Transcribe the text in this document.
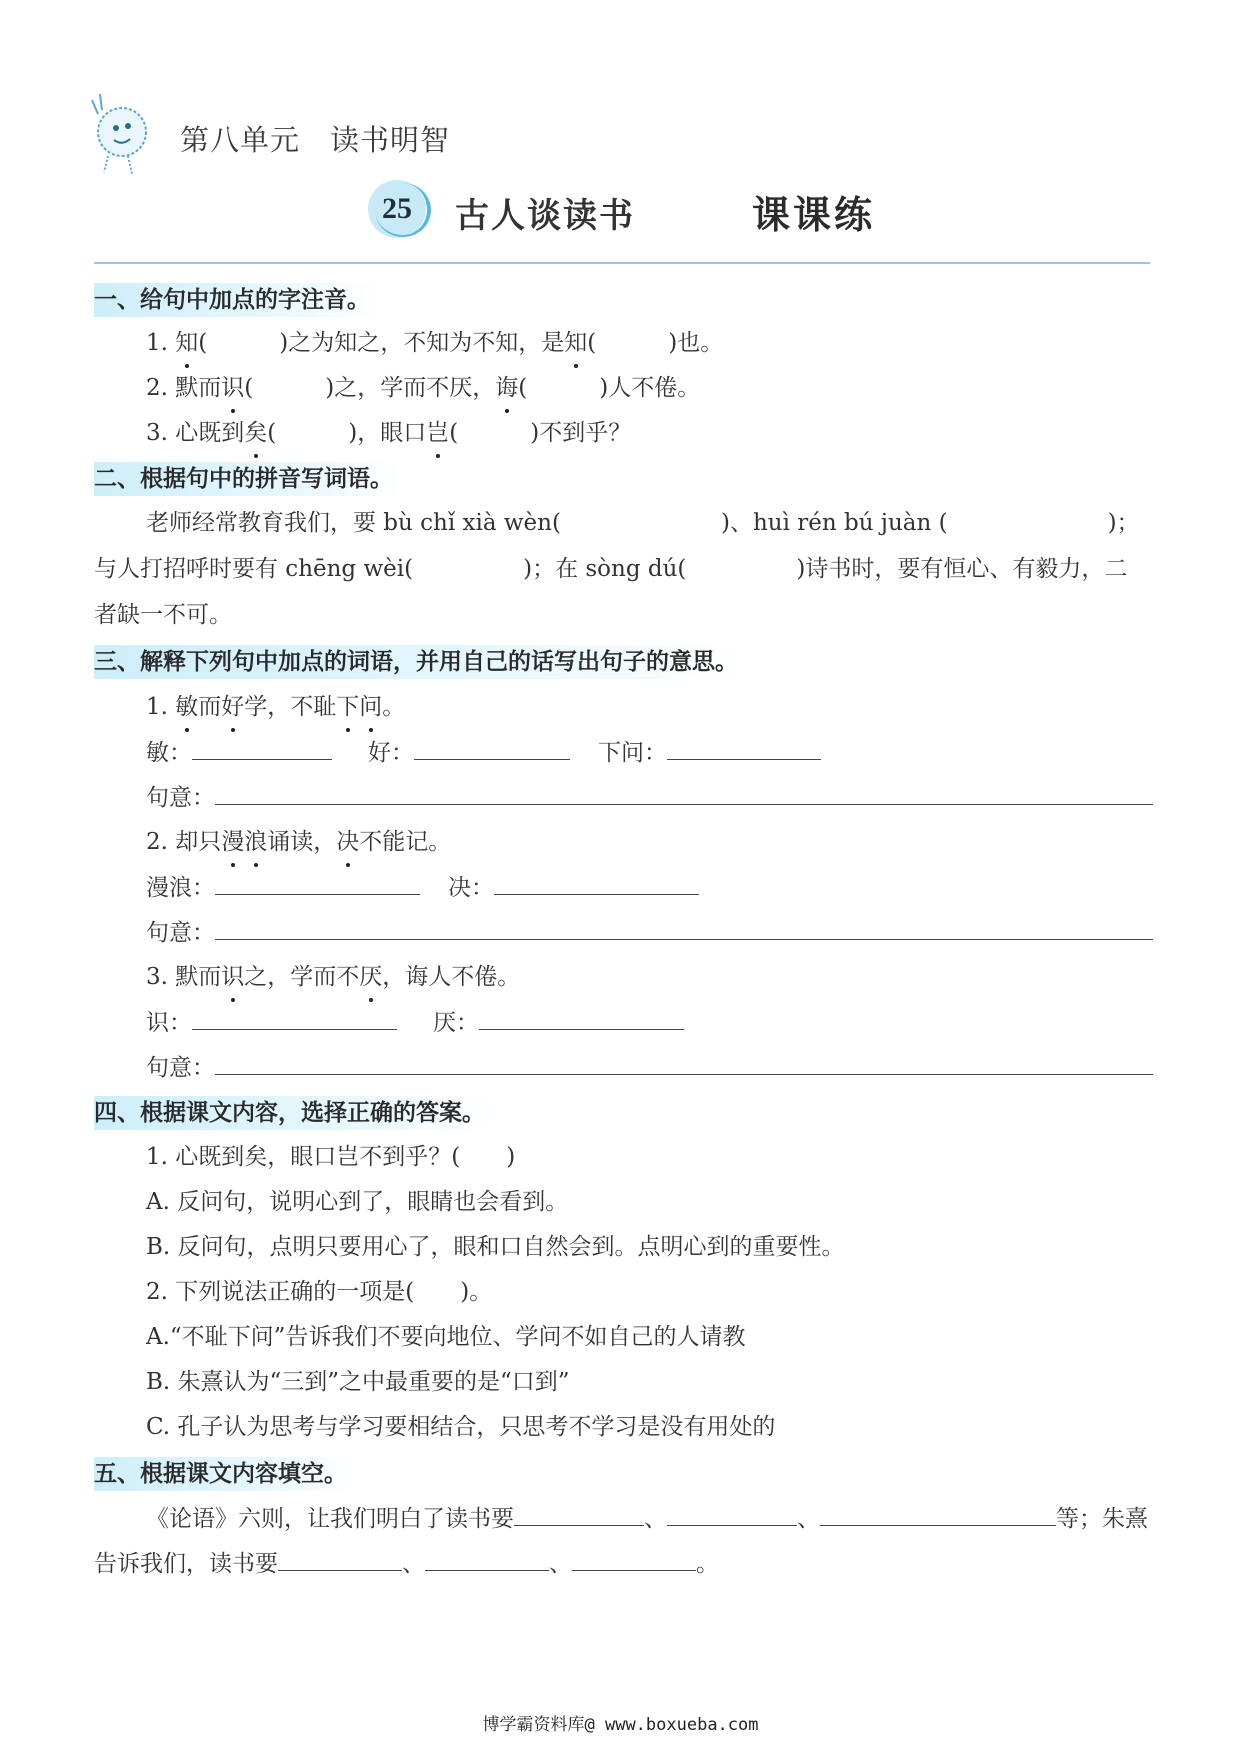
第八单元　读书明智
25	古人谈读书	课课练
一、给句中加点的字注音。
1. 知(	)之为知之，不知为不知，是知(	)也。
2. 默而识(	)之，学而不厌，诲(	)人不倦。
3. 心既到矣(	)，眼口岂(	)不到乎？
二、根据句中的拼音写词语。
老师经常教育我们，要 bù chǐ xià wèn(	)、huì rén bú juàn (	)；
与人打招呼时要有 chēng wèi(	)；在 sòng dú(	)诗书时，要有恒心、有毅力，二
者缺一不可。
三、解释下列句中加点的词语，并用自己的话写出句子的意思。
1. 敏而好学，不耻下问。
敏：	好：	下问：
句意：
2. 却只漫浪诵读，决不能记。
漫浪：	决：
句意：
3. 默而识之，学而不厌，诲人不倦。
识：	厌：
句意：
四、根据课文内容，选择正确的答案。
1. 心既到矣，眼口岂不到乎？(　　)
A. 反问句，说明心到了，眼睛也会看到。
B. 反问句，点明只要用心了，眼和口自然会到。点明心到的重要性。
2. 下列说法正确的一项是(　　)。
A.“不耻下问”告诉我们不要向地位、学问不如自己的人请教
B. 朱熹认为“三到”之中最重要的是“口到”
C. 孔子认为思考与学习要相结合，只思考不学习是没有用处的
五、根据课文内容填空。
《论语》六则，让我们明白了读书要	、	、	等；朱熹
告诉我们，读书要	、	、	。
博学霸资料库@ www.boxueba.com
